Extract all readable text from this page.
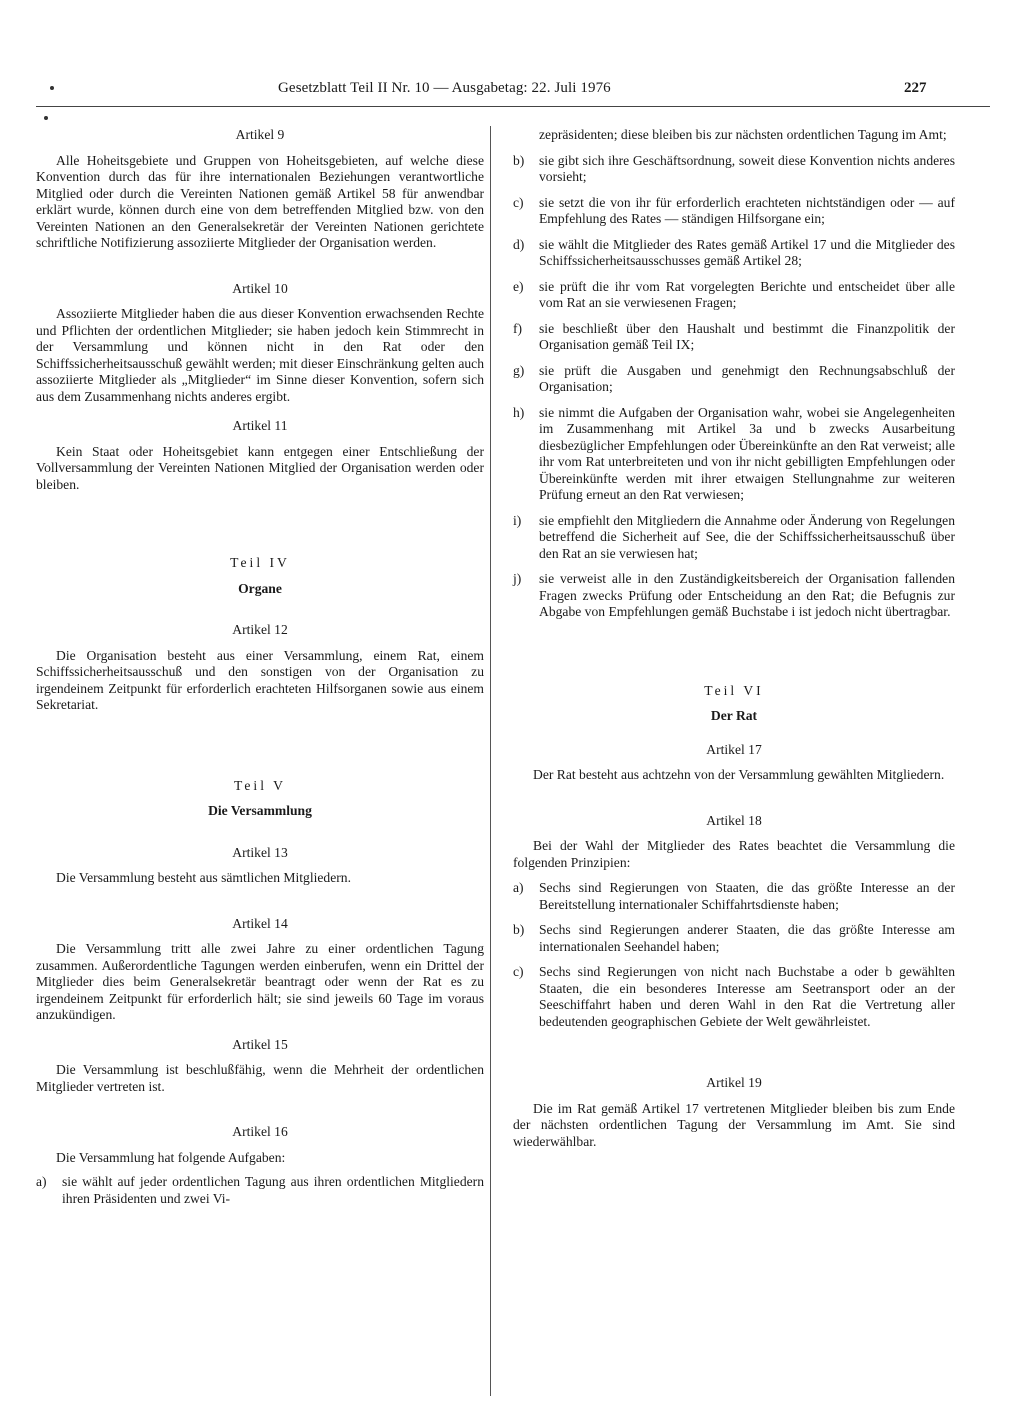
Gesetzblatt Teil II Nr. 10 — Ausgabetag: 22. Juli 1976	227

Artikel 9

Alle Hoheitsgebiete und Gruppen von Hoheitsgebieten, auf welche diese Konvention durch das für ihre internationalen Beziehungen verantwortliche Mitglied oder durch die Vereinten Nationen gemäß Artikel 58 für anwendbar erklärt wurde, können durch eine von dem betreffenden Mitglied bzw. von den Vereinten Nationen an den Generalsekretär der Vereinten Nationen gerichtete schriftliche Notifizierung assoziierte Mitglieder der Organisation werden.

Artikel 10

Assoziierte Mitglieder haben die aus dieser Konvention erwachsenden Rechte und Pflichten der ordentlichen Mitglieder; sie haben jedoch kein Stimmrecht in der Versammlung und können nicht in den Rat oder den Schiffssicherheitsausschuß gewählt werden; mit dieser Einschränkung gelten auch assoziierte Mitglieder als „Mitglieder“ im Sinne dieser Konvention, sofern sich aus dem Zusammenhang nichts anderes ergibt.

Artikel 11

Kein Staat oder Hoheitsgebiet kann entgegen einer Entschließung der Vollversammlung der Vereinten Nationen Mitglied der Organisation werden oder bleiben.

Teil IV

Organe

Artikel 12

Die Organisation besteht aus einer Versammlung, einem Rat, einem Schiffssicherheitsausschuß und den sonstigen von der Organisation zu irgendeinem Zeitpunkt für erforderlich erachteten Hilfsorganen sowie aus einem Sekretariat.

Teil V

Die Versammlung

Artikel 13

Die Versammlung besteht aus sämtlichen Mitgliedern.

Artikel 14

Die Versammlung tritt alle zwei Jahre zu einer ordentlichen Tagung zusammen. Außerordentliche Tagungen werden einberufen, wenn ein Drittel der Mitglieder dies beim Generalsekretär beantragt oder wenn der Rat es zu irgendeinem Zeitpunkt für erforderlich hält; sie sind jeweils 60 Tage im voraus anzukündigen.

Artikel 15

Die Versammlung ist beschlußfähig, wenn die Mehrheit der ordentlichen Mitglieder vertreten ist.

Artikel 16

Die Versammlung hat folgende Aufgaben:

a)	sie wählt auf jeder ordentlichen Tagung aus ihren ordentlichen Mitgliedern ihren Präsidenten und zwei Vi-

zepräsidenten; diese bleiben bis zur nächsten ordentlichen Tagung im Amt;

b)	sie gibt sich ihre Geschäftsordnung, soweit diese Konvention nichts anderes vorsieht;
c)	sie setzt die von ihr für erforderlich erachteten nichtständigen oder — auf Empfehlung des Rates — ständigen Hilfsorgane ein;
d)	sie wählt die Mitglieder des Rates gemäß Artikel 17 und die Mitglieder des Schiffssicherheitsausschusses gemäß Artikel 28;
e)	sie prüft die ihr vom Rat vorgelegten Berichte und entscheidet über alle vom Rat an sie verwiesenen Fragen;
f)	sie beschließt über den Haushalt und bestimmt die Finanzpolitik der Organisation gemäß Teil IX;
g)	sie prüft die Ausgaben und genehmigt den Rechnungsabschluß der Organisation;
h)	sie nimmt die Aufgaben der Organisation wahr, wobei sie Angelegenheiten im Zusammenhang mit Artikel 3a und b zwecks Ausarbeitung diesbezüglicher Empfehlungen oder Übereinkünfte an den Rat verweist; alle ihr vom Rat unterbreiteten und von ihr nicht gebilligten Empfehlungen oder Übereinkünfte werden mit ihrer etwaigen Stellungnahme zur weiteren Prüfung erneut an den Rat verwiesen;
i)	sie empfiehlt den Mitgliedern die Annahme oder Änderung von Regelungen betreffend die Sicherheit auf See, die der Schiffssicherheitsausschuß über den Rat an sie verwiesen hat;
j)	sie verweist alle in den Zuständigkeitsbereich der Organisation fallenden Fragen zwecks Prüfung oder Entscheidung an den Rat; die Befugnis zur Abgabe von Empfehlungen gemäß Buchstabe i ist jedoch nicht übertragbar.

Teil VI

Der Rat

Artikel 17

Der Rat besteht aus achtzehn von der Versammlung gewählten Mitgliedern.

Artikel 18

Bei der Wahl der Mitglieder des Rates beachtet die Versammlung die folgenden Prinzipien:

a)	Sechs sind Regierungen von Staaten, die das größte Interesse an der Bereitstellung internationaler Schiffahrtsdienste haben;
b)	Sechs sind Regierungen anderer Staaten, die das größte Interesse am internationalen Seehandel haben;
c)	Sechs sind Regierungen von nicht nach Buchstabe a oder b gewählten Staaten, die ein besonderes Interesse am Seetransport oder an der Seeschiffahrt haben und deren Wahl in den Rat die Vertretung aller bedeutenden geographischen Gebiete der Welt gewährleistet.

Artikel 19

Die im Rat gemäß Artikel 17 vertretenen Mitglieder bleiben bis zum Ende der nächsten ordentlichen Tagung der Versammlung im Amt. Sie sind wiederwählbar.
